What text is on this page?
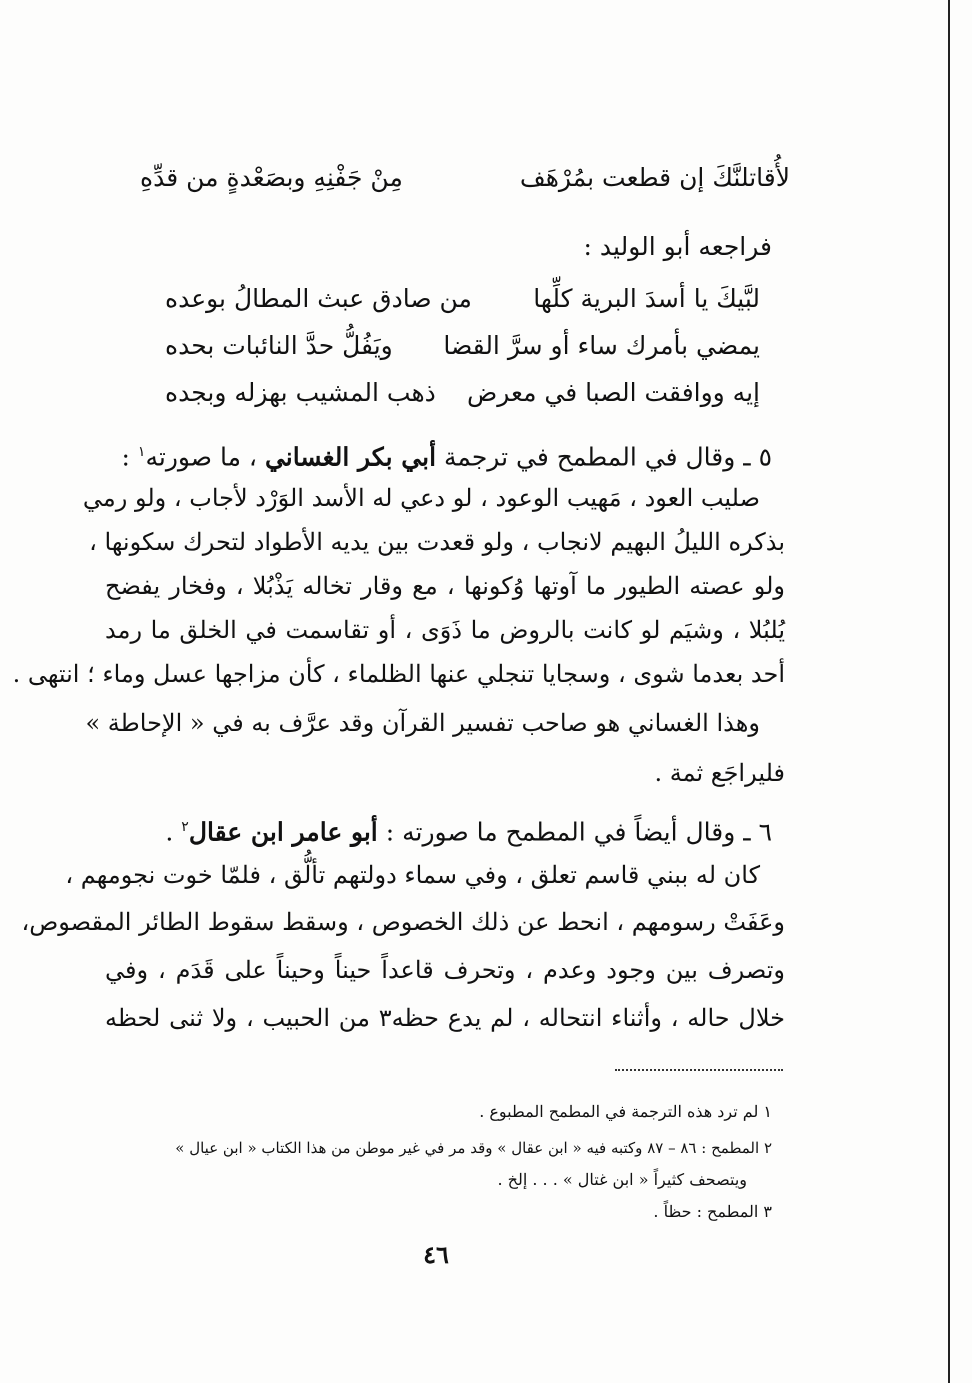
لأُقاتلنَّكَ إن قطعت بمُرْهَف
مِنْ جَفْنِهِ وبصَعْدةٍ من قدِّهِ
فراجعه أبو الوليد :
لبَّيكَ يا أسدَ البرية كلِّها
من صادق عبث المطالُ بوعده
يمضي بأمرك ساء أو سرَّ القضا
ويَفُلُّ حدَّ النائبات بحده
إيه ووافقت الصبا في معرض
ذهب المشيب بهزله وبجده
٥ ـ وقال في المطمح في ترجمة أبي بكر الغساني ، ما صورته$^١$ :
صليب العود ، مَهيب الوعود ، لو دعي له الأسد الوَرْد لأجاب ، ولو رمي
بذكره الليلُ البهيم لانجاب ، ولو قعدت بين يديه الأطواد لتحرك سكونها ،
ولو عصته الطيور ما آوتها وُكونها ، مع وقار تخاله يَذْبُلا ، وفخار يفضح
يُلبُلا ، وشيَم لو كانت بالروض ما ذَوَى ، أو تقاسمت في الخلق ما رمد
أحد بعدما شوى ، وسجايا تنجلي عنها الظلماء ، كأن مزاجها عسل وماء ؛ انتهى .
وهذا الغساني هو صاحب تفسير القرآن وقد عرَّف به في « الإحاطة »
فليراجَع ثمة .
٦ ـ وقال أيضاً في المطمح ما صورته : أبو عامر ابن عقال$^٢$ .
كان له ببني قاسم تعلق ، وفي سماء دولتهم تألُّق ، فلمّا خوت نجومهم ،
وعَفَتْ رسومهم ، انحط عن ذلك الخصوص ، وسقط سقوط الطائر المقصوص،
وتصرف بين وجود وعدم ، وتحرف قاعداً حيناً وحيناً على قَدَم ، وفي
خلال حاله ، وأثناء انتحاله ، لم يدع حظه٣ من الحبيب ، ولا ثنى لحظه
١ لم ترد هذه الترجمة في المطمح المطبوع .
٢ المطمح : ٨٦ – ٨٧ وكتبه فيه « ابن عقال » وقد مر في غير موطن من هذا الكتاب « ابن عيال »
ويتصحف كثيراً « ابن غتال » . . . إلخ .
٣ المطمح : حظاً .
٤٦
